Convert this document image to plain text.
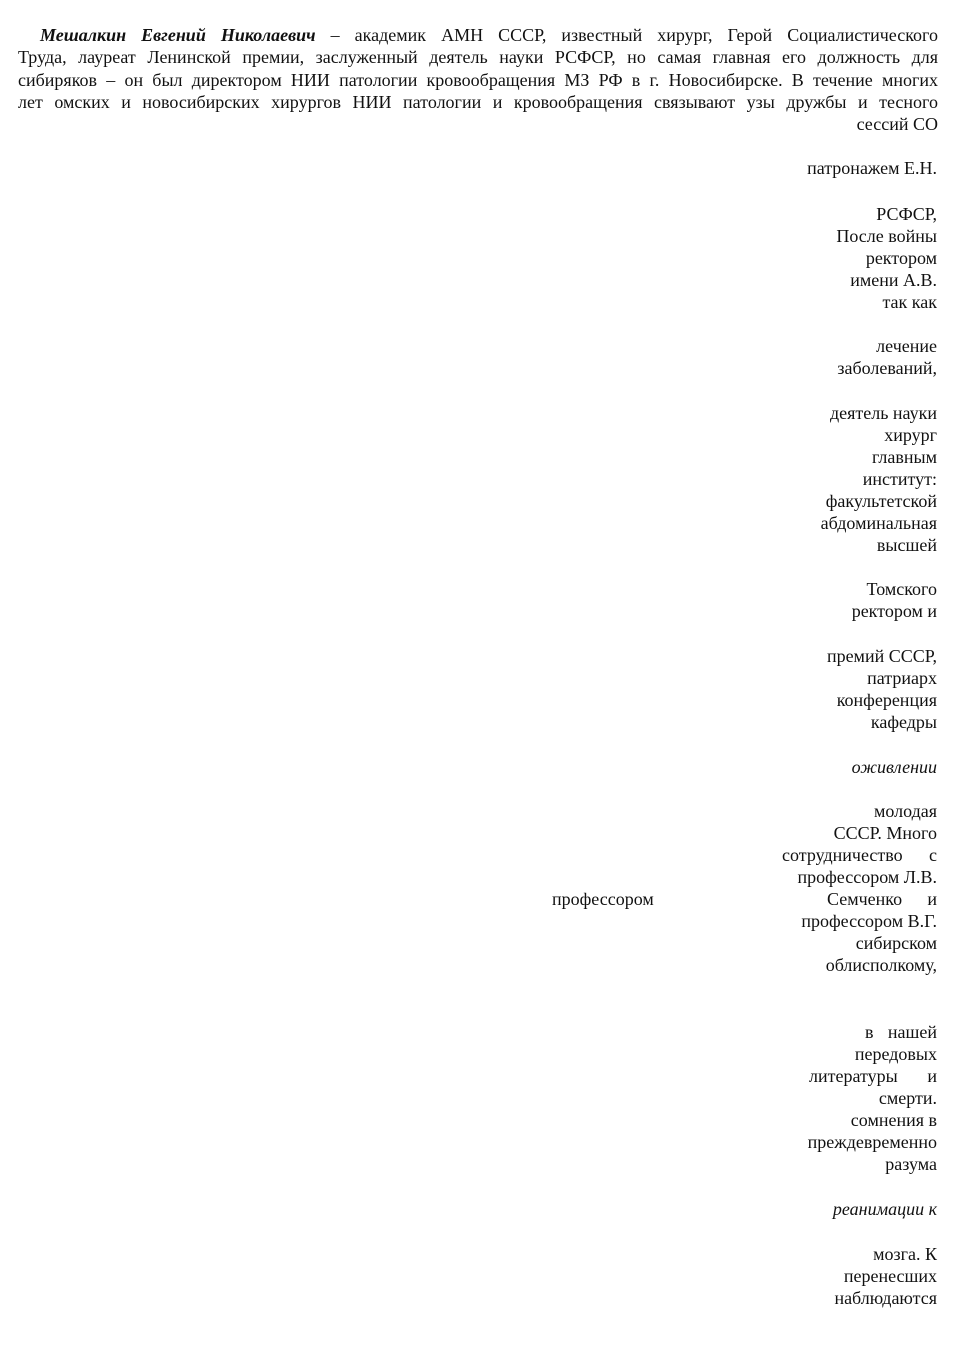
Мешалкин Евгений Николаевич – академик АМН СССР, известный хирург, Герой Социалистического
Труда, лауреат Ленинской премии, заслуженный деятель науки РСФСР, но самая главная его должность для
сибиряков – он был директором НИИ патологии кровообращения МЗ РФ в г. Новосибирске. В течение многих
лет омских и новосибирских хирургов НИИ патологии и кровообращения связывают узы дружбы и тесного
сессий СО

патронажем Е.Н.
РСФСР,
После войны
ректором
имени А.В.
так как
лечение
заболеваний,
деятель науки
хирург
главным
институт:
факультетской
абдоминальная
высшей
Томского
ректором и
премий СССР,
патриарх
конференция
кафедры
оживлении
молодая
СССР. Много
сотрудничество с
профессором Л.В.
Семченко и
профессором В.Г.
сибирском
облисполкому,
профессором
в нашей
передовых
литературы и
смерти.
сомнения в
преждевременно
разума
реанимации к
мозга. К
перенесших
наблюдаются
